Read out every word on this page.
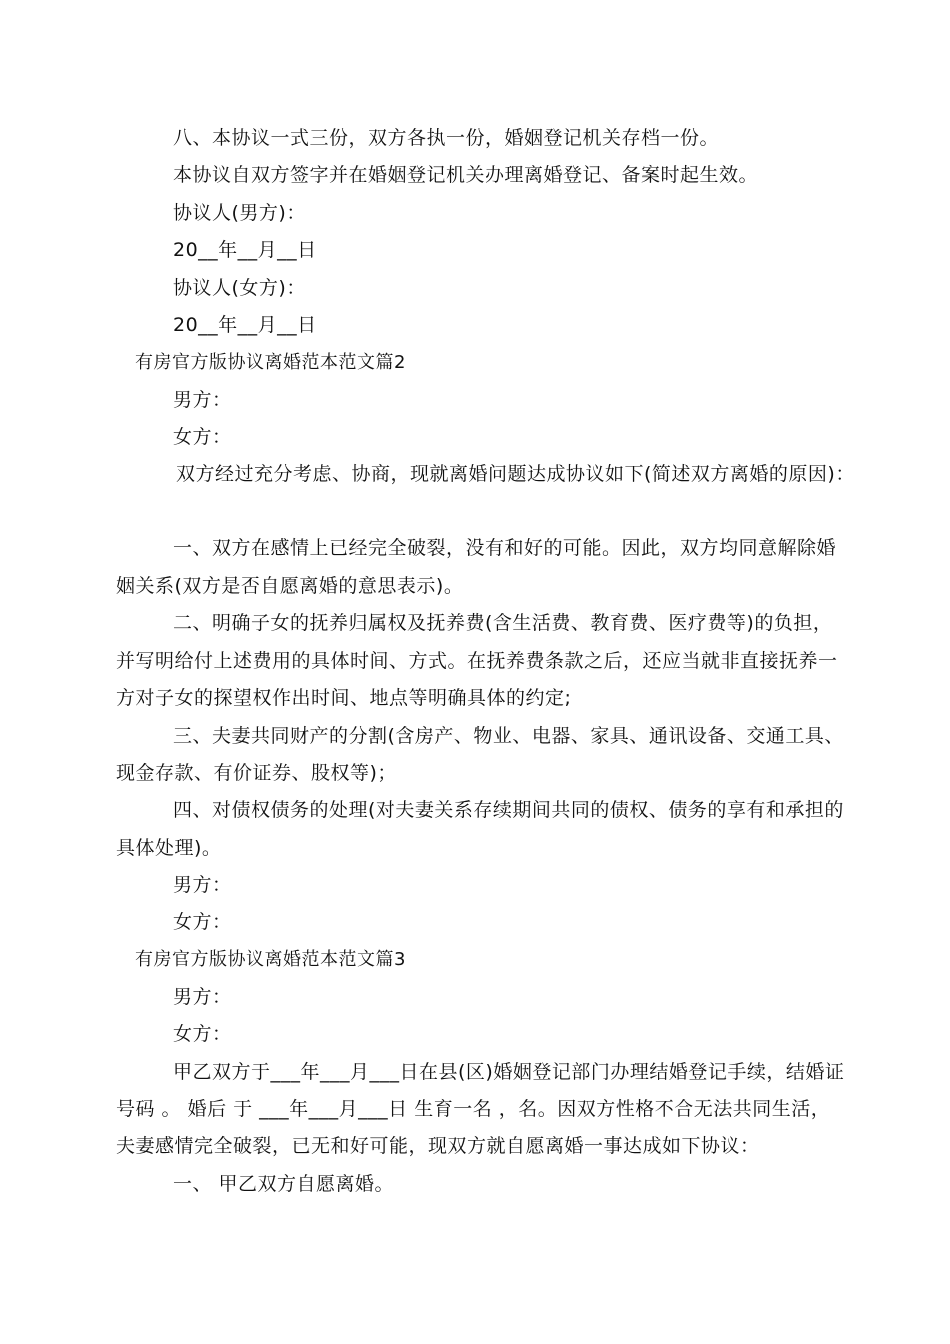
八、本协议一式三份，双方各执一份，婚姻登记机关存档一份。
本协议自双方签字并在婚姻登记机关办理离婚登记、备案时起生效。
协议人(男方)：
20__年__月__日
协议人(女方)：
20__年__月__日
有房官方版协议离婚范本范文篇2
男方：
女方：
双方经过充分考虑、协商，现就离婚问题达成协议如下(简述双方离婚的原因)：
一、双方在感情上已经完全破裂，没有和好的可能。因此，双方均同意解除婚
姻关系(双方是否自愿离婚的意思表示)。
二、明确子女的抚养归属权及抚养费(含生活费、教育费、医疗费等)的负担，
并写明给付上述费用的具体时间、方式。在抚养费条款之后，还应当就非直接抚养一
方对子女的探望权作出时间、地点等明确具体的约定;
三、夫妻共同财产的分割(含房产、物业、电器、家具、通讯设备、交通工具、
现金存款、有价证券、股权等)；
四、对债权债务的处理(对夫妻关系存续期间共同的债权、债务的享有和承担的
具体处理)。
男方：
女方：
有房官方版协议离婚范本范文篇3
男方：
女方：
甲乙双方于___年___月___日在县(区)婚姻登记部门办理结婚登记手续，结婚证
号码 。 婚后 于 ___年___月___日 生育一名 ，名。因双方性格不合无法共同生活，
夫妻感情完全破裂，已无和好可能，现双方就自愿离婚一事达成如下协议：
一、 甲乙双方自愿离婚。
